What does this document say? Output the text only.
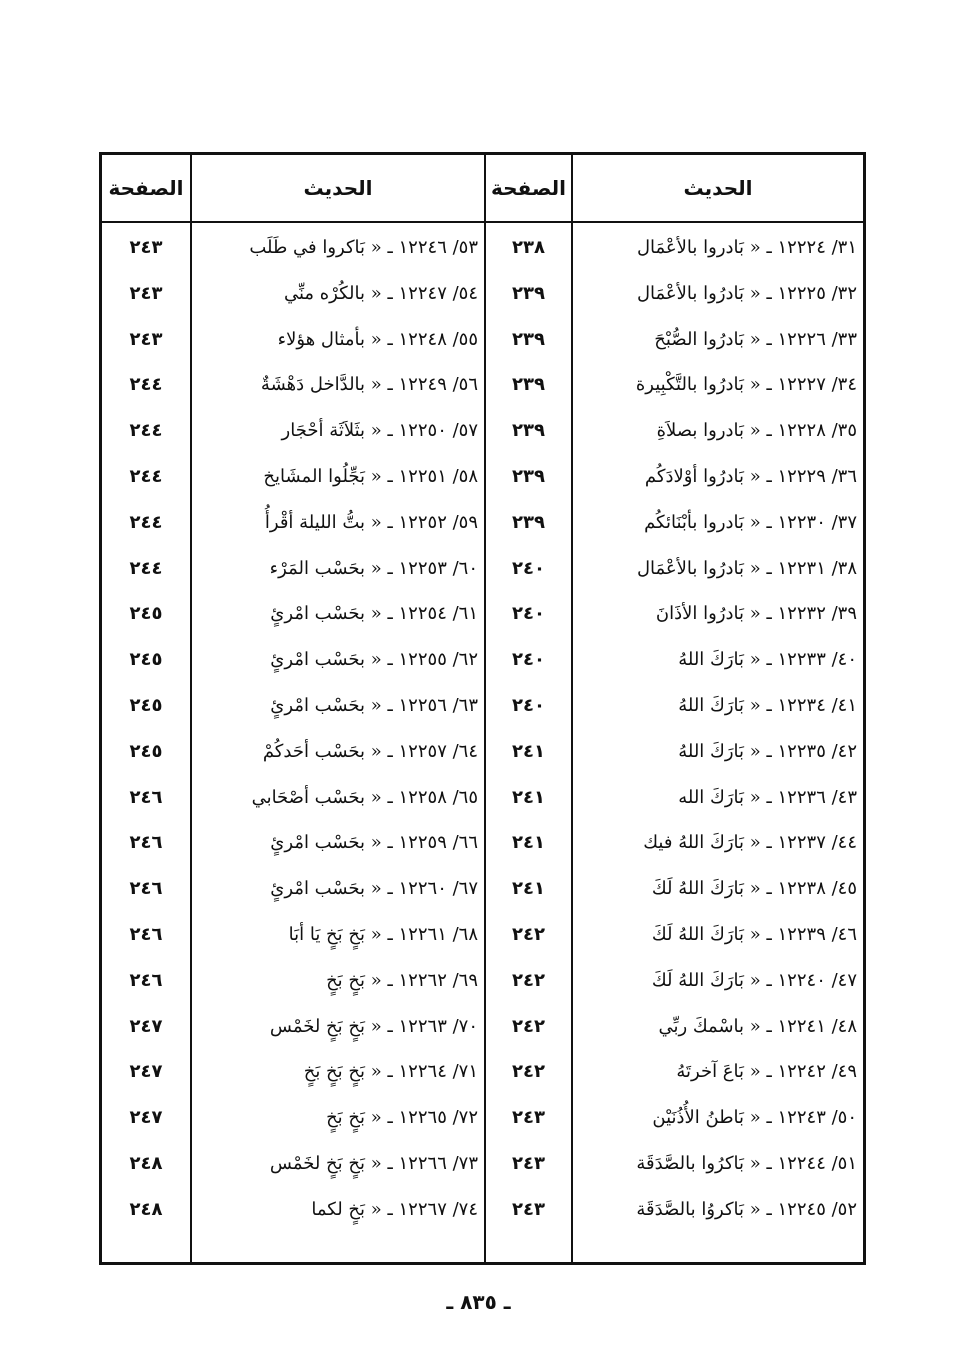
الحديث
الصفحة
الحديث
الصفحة
٣١/ ١٢٢٢٤ ـ « بَادروا بالأعْمَال
٣٢/ ١٢٢٢٥ ـ « بَادرُوا بالأعْمَال
٣٣/ ١٢٢٢٦ ـ « بَادرُوا الصُّبْحَ
٣٤/ ١٢٢٢٧ ـ « بَادرُوا بالتَّكْبِيرة
٣٥/ ١٢٢٢٨ ـ « بَادروا بصلاَةِ
٣٦/ ١٢٢٢٩ ـ « بَادرُوا أوْلادَكُم
٣٧/ ١٢٢٣٠ ـ « بَادروا بأبْنَائكُم
٣٨/ ١٢٢٣١ ـ « بَادرُوا بالأعْمَال
٣٩/ ١٢٢٣٢ ـ « بَادرُوا الأذَانَ
٤٠/ ١٢٢٣٣ ـ « بَارَكَ اللهُ
٤١/ ١٢٢٣٤ ـ « بَارَكَ اللهُ
٤٢/ ١٢٢٣٥ ـ « بَارَكَ اللهُ
٤٣/ ١٢٢٣٦ ـ « بَارَكَ الله
٤٤/ ١٢٢٣٧ ـ « بَارَكَ اللهُ فيك
٤٥/ ١٢٢٣٨ ـ « بَارَكَ اللهُ لَكَ
٤٦/ ١٢٢٣٩ ـ « بَارَكَ اللهُ لَكَ
٤٧/ ١٢٢٤٠ ـ « بَارَكَ اللهُ لَكَ
٤٨/ ١٢٢٤١ ـ « باسْمكَ ربِّي
٤٩/ ١٢٢٤٢ ـ « بَاعَ آخرتَهُ
٥٠/ ١٢٢٤٣ ـ « بَاطنُ الأُذُنَيْن
٥١/ ١٢٢٤٤ ـ « بَاكرُوا بالصَّدَقَة
٥٢/ ١٢٢٤٥ ـ « بَاكروُا بالصَّدَقَة
٢٣٨
٢٣٩
٢٣٩
٢٣٩
٢٣٩
٢٣٩
٢٣٩
٢٤٠
٢٤٠
٢٤٠
٢٤٠
٢٤١
٢٤١
٢٤١
٢٤١
٢٤٢
٢٤٢
٢٤٢
٢٤٢
٢٤٣
٢٤٣
٢٤٣
٥٣/ ١٢٢٤٦ ـ « بَاكروا في طَلَب
٥٤/ ١٢٢٤٧ ـ « بالكُرْه منِّي
٥٥/ ١٢٢٤٨ ـ « بأمثال هؤلاء
٥٦/ ١٢٢٤٩ ـ « بالدَّاخل دَهْشَةٌ
٥٧/ ١٢٢٥٠ ـ « بثَلاَثَة أحْجَار
٥٨/ ١٢٢٥١ ـ « بَجِّلُوا المشَايخ
٥٩/ ١٢٢٥٢ ـ « بتُّ الليلة أقْرأُ
٦٠/ ١٢٢٥٣ ـ « بحَسْب المَرْء
٦١/ ١٢٢٥٤ ـ « بحَسْب امْرئٍ
٦٢/ ١٢٢٥٥ ـ « بحَسْب امْرئٍ
٦٣/ ١٢٢٥٦ ـ « بحَسْب امْرئٍ
٦٤/ ١٢٢٥٧ ـ « بحَسْب أحَدكُمْ
٦٥/ ١٢٢٥٨ ـ « بحَسْب أصْحَابي
٦٦/ ١٢٢٥٩ ـ « بحَسْب امْرئٍ
٦٧/ ١٢٢٦٠ ـ « بحَسْب امْرئٍ
٦٨/ ١٢٢٦١ ـ « بَخٍ بَخٍ يَا أبَا
٦٩/ ١٢٢٦٢ ـ « بَخٍ بَخٍ
٧٠/ ١٢٢٦٣ ـ « بَخٍ بَخٍ لخَمْس
٧١/ ١٢٢٦٤ ـ « بَخٍ بَخٍ بَخٍ
٧٢/ ١٢٢٦٥ ـ « بَخٍ بَخٍ
٧٣/ ١٢٢٦٦ ـ « بَخٍ بَخٍ لخَمْس
٧٤/ ١٢٢٦٧ ـ « بَخٍ لكما
٢٤٣
٢٤٣
٢٤٣
٢٤٤
٢٤٤
٢٤٤
٢٤٤
٢٤٤
٢٤٥
٢٤٥
٢٤٥
٢٤٥
٢٤٦
٢٤٦
٢٤٦
٢٤٦
٢٤٦
٢٤٧
٢٤٧
٢٤٧
٢٤٨
٢٤٨
ـ ٨٣٥ ـ
